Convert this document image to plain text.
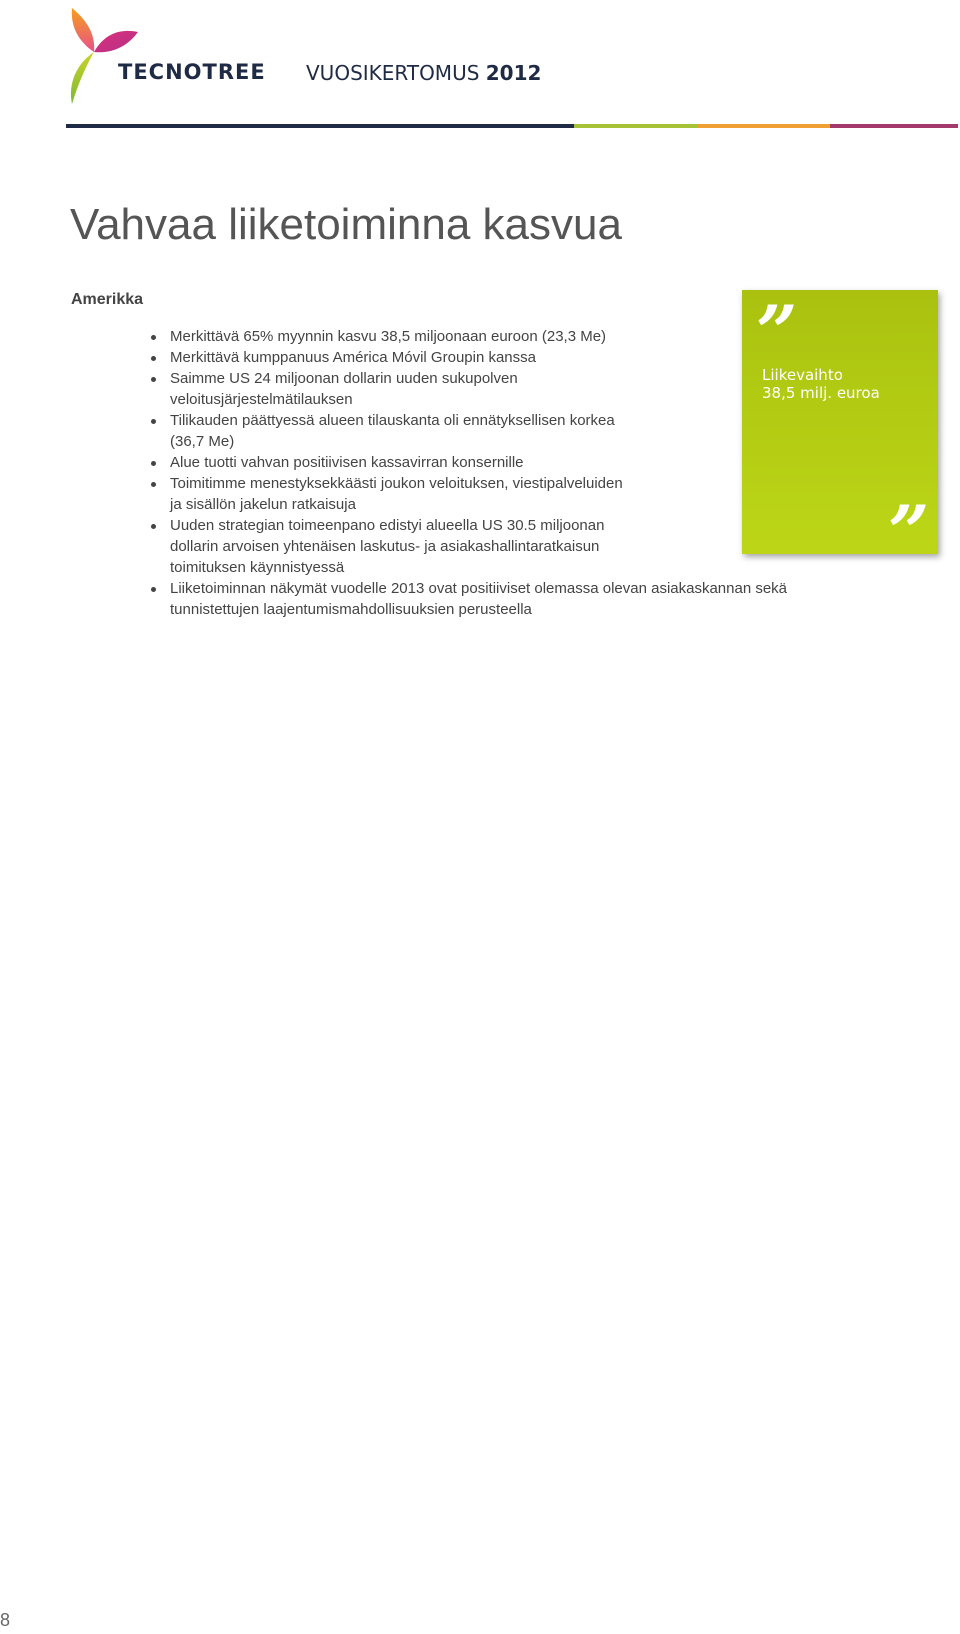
TECNOTREE VUOSIKERTOMUS 2012
Vahvaa liiketoiminna kasvua
Amerikka
Merkittävä 65% myynnin kasvu 38,5 miljoonaan euroon (23,3 Me)
Merkittävä kumppanuus América Móvil Groupin kanssa
Saimme US 24 miljoonan dollarin uuden sukupolven
veloitusjärjestelmätilauksen
Tilikauden päättyessä alueen tilauskanta oli ennätyksellisen korkea
(36,7 Me)
Alue tuotti vahvan positiivisen kassavirran konsernille
Toimitimme menestyksekkäästi joukon veloituksen, viestipalveluiden
ja sisällön jakelun ratkaisuja
Uuden strategian toimeenpano edistyi alueella US 30.5 miljoonan
dollarin arvoisen yhtenäisen laskutus- ja asiakashallintaratkaisun
toimituksen käynnistyessä
Liiketoiminnan näkymät vuodelle 2013 ovat positiiviset olemassa olevan asiakaskannan sekä
tunnistettujen laajentumismahdollisuuksien perusteella
”
Liikevaihto
38,5 milj. euroa
”
8
